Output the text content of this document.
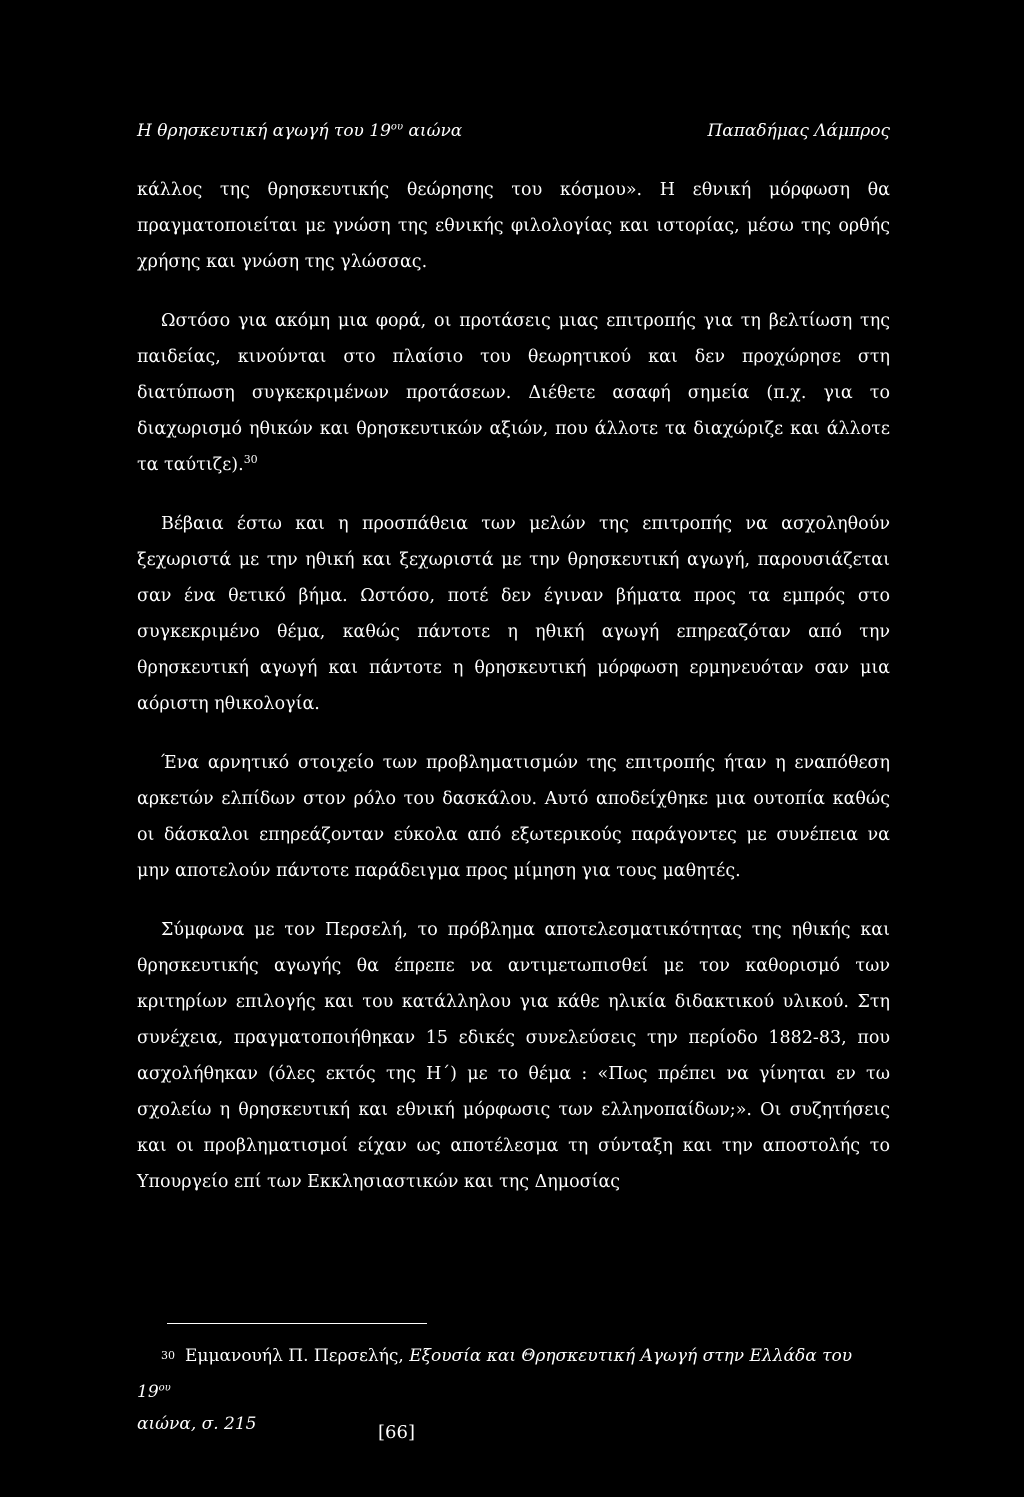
Η θρησκευτική αγωγή του $19^{o\upsilon}$ αιώνα	Παπαδήμας Λάμπρος

κάλλος της θρησκευτικής θεώρησης του κόσμου». Η εθνική μόρφωση θα πραγματοποιείται με γνώση της εθνικής φιλολογίας και ιστορίας, μέσω της ορθής χρήσης και γνώση της γλώσσας.

Ωστόσο για ακόμη μια φορά, οι προτάσεις μιας επιτροπής για τη βελτίωση της παιδείας, κινούνται στο πλαίσιο του θεωρητικού και δεν προχώρησε στη διατύπωση συγκεκριμένων προτάσεων. Διέθετε ασαφή σημεία (π.χ. για το διαχωρισμό ηθικών και θρησκευτικών αξιών, που άλλοτε τα διαχώριζε και άλλοτε τα ταύτιζε).$^{30}$

Βέβαια έστω και η προσπάθεια των μελών της επιτροπής να ασχοληθούν ξεχωριστά με την ηθική και ξεχωριστά με την θρησκευτική αγωγή, παρουσιάζεται σαν ένα θετικό βήμα. Ωστόσο, ποτέ δεν έγιναν βήματα προς τα εμπρός στο συγκεκριμένο θέμα, καθώς πάντοτε η ηθική αγωγή επηρεαζόταν από την θρησκευτική αγωγή και πάντοτε η θρησκευτική μόρφωση ερμηνευόταν σαν μια αόριστη ηθικολογία.

Ένα αρνητικό στοιχείο των προβληματισμών της επιτροπής ήταν η εναπόθεση αρκετών ελπίδων στον ρόλο του δασκάλου. Αυτό αποδείχθηκε μια ουτοπία καθώς οι δάσκαλοι επηρεάζονταν εύκολα από εξωτερικούς παράγοντες με συνέπεια να μην αποτελούν πάντοτε παράδειγμα προς μίμηση για τους μαθητές.

Σύμφωνα με τον Περσελή, το πρόβλημα αποτελεσματικότητας της ηθικής και θρησκευτικής αγωγής θα έπρεπε να αντιμετωπισθεί με τον καθορισμό των κριτηρίων επιλογής και του κατάλληλου για κάθε ηλικία διδακτικού υλικού. Στη συνέχεια, πραγματοποιήθηκαν 15 εδικές συνελεύσεις την περίοδο 1882-83, που ασχολήθηκαν (όλες εκτός της Η΄) με το θέμα : «Πως πρέπει να γίνηται εν τω σχολείω η θρησκευτική και εθνική μόρφωσις των ελληνοπαίδων;». Οι συζητήσεις και οι προβληματισμοί είχαν ως αποτέλεσμα τη σύνταξη και την αποστολής το Υπουργείο επί των Εκκλησιαστικών και της Δημοσίας

$^{30}$ Εμμανουήλ Π. Περσελής, Εξουσία και Θρησκευτική Αγωγή στην Ελλάδα του $19^{o\upsilon}$
αιώνα, σ. 215	[66]
